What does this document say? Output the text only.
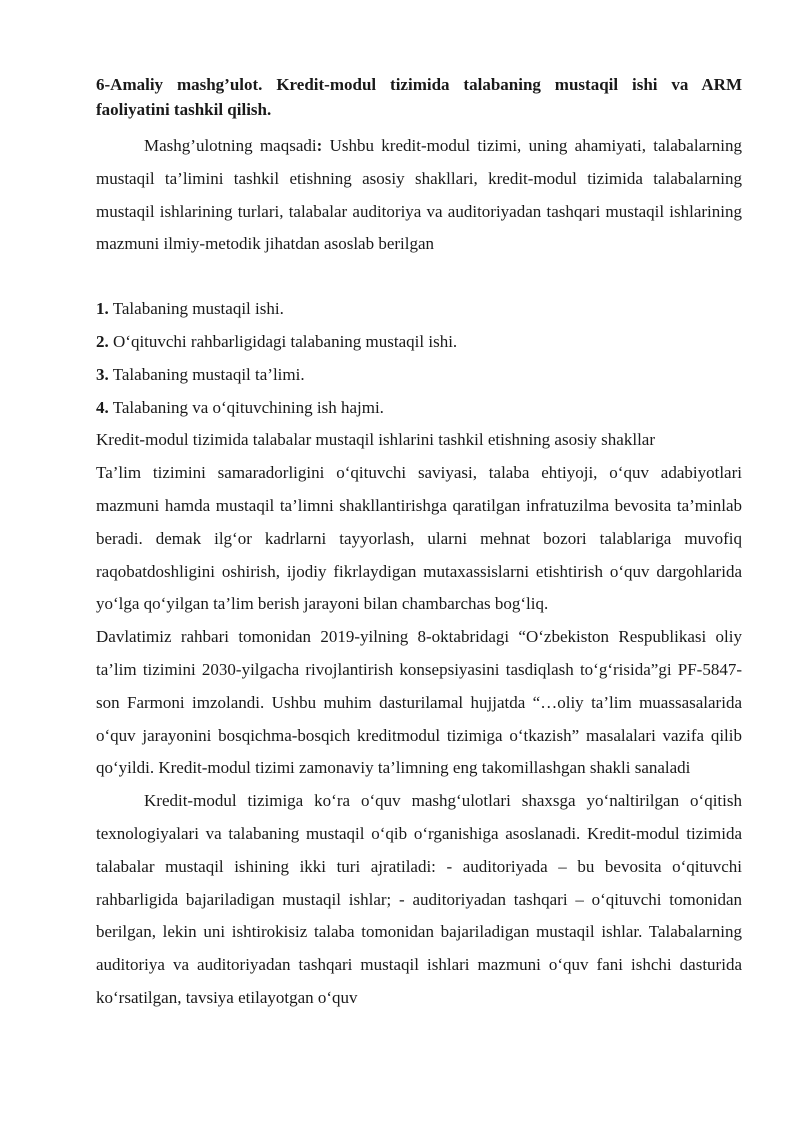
6-Amaliy mashg’ulot. Kredit-modul tizimida talabaning mustaqil ishi va ARM faoliyatini tashkil qilish.

Mashg’ulotning maqsadi: Ushbu kredit-modul tizimi, uning ahamiyati, talabalarning mustaqil ta’limini tashkil etishning asosiy shakllari, kredit-modul tizimida talabalarning mustaqil ishlarining turlari, talabalar auditoriya va auditoriyadan tashqari mustaqil ishlarining mazmuni ilmiy-metodik jihatdan asoslab berilgan

1. Talabaning mustaqil ishi.

2. O‘qituvchi rahbarligidagi talabaning mustaqil ishi.

3. Talabaning mustaqil ta’limi.

4. Talabaning va o‘qituvchining ish hajmi.

Kredit-modul tizimida talabalar mustaqil ishlarini tashkil etishning asosiy shakllar

Ta’lim tizimini samaradorligini o‘qituvchi saviyasi, talaba ehtiyoji, o‘quv adabiyotlari mazmuni hamda mustaqil ta’limni shakllantirishga qaratilgan infratuzilma bevosita ta’minlab beradi. demak ilg‘or kadrlarni tayyorlash, ularni mehnat bozori talablariga muvofiq raqobatdoshligini oshirish, ijodiy fikrlaydigan mutaxassislarni etishtirish o‘quv dargohlarida yo‘lga qo‘yilgan ta’lim berish jarayoni bilan chambarchas bog‘liq.

Davlatimiz rahbari tomonidan 2019-yilning 8-oktabridagi “O‘zbekiston Respublikasi oliy ta’lim tizimini 2030-yilgacha rivojlantirish konsepsiyasini tasdiqlash to‘g‘risida”gi PF-5847-son Farmoni imzolandi. Ushbu muhim dasturilamal hujjatda “…oliy ta’lim muassasalarida o‘quv jarayonini bosqichma-bosqich kreditmodul tizimiga o‘tkazish” masalalari vazifa qilib qo‘yildi. Kredit-modul tizimi zamonaviy ta’limning eng takomillashgan shakli sanaladi

Kredit-modul tizimiga ko‘ra o‘quv mashg‘ulotlari shaxsga yo‘naltirilgan o‘qitish texnologiyalari va talabaning mustaqil o‘qib o‘rganishiga asoslanadi. Kredit-modul tizimida talabalar mustaqil ishining ikki turi ajratiladi: - auditoriyada – bu bevosita o‘qituvchi rahbarligida bajariladigan mustaqil ishlar; - auditoriyadan tashqari – o‘qituvchi tomonidan berilgan, lekin uni ishtirokisiz talaba tomonidan bajariladigan mustaqil ishlar. Talabalarning auditoriya va auditoriyadan tashqari mustaqil ishlari mazmuni o‘quv fani ishchi dasturida ko‘rsatilgan, tavsiya etilayotgan o‘quv
